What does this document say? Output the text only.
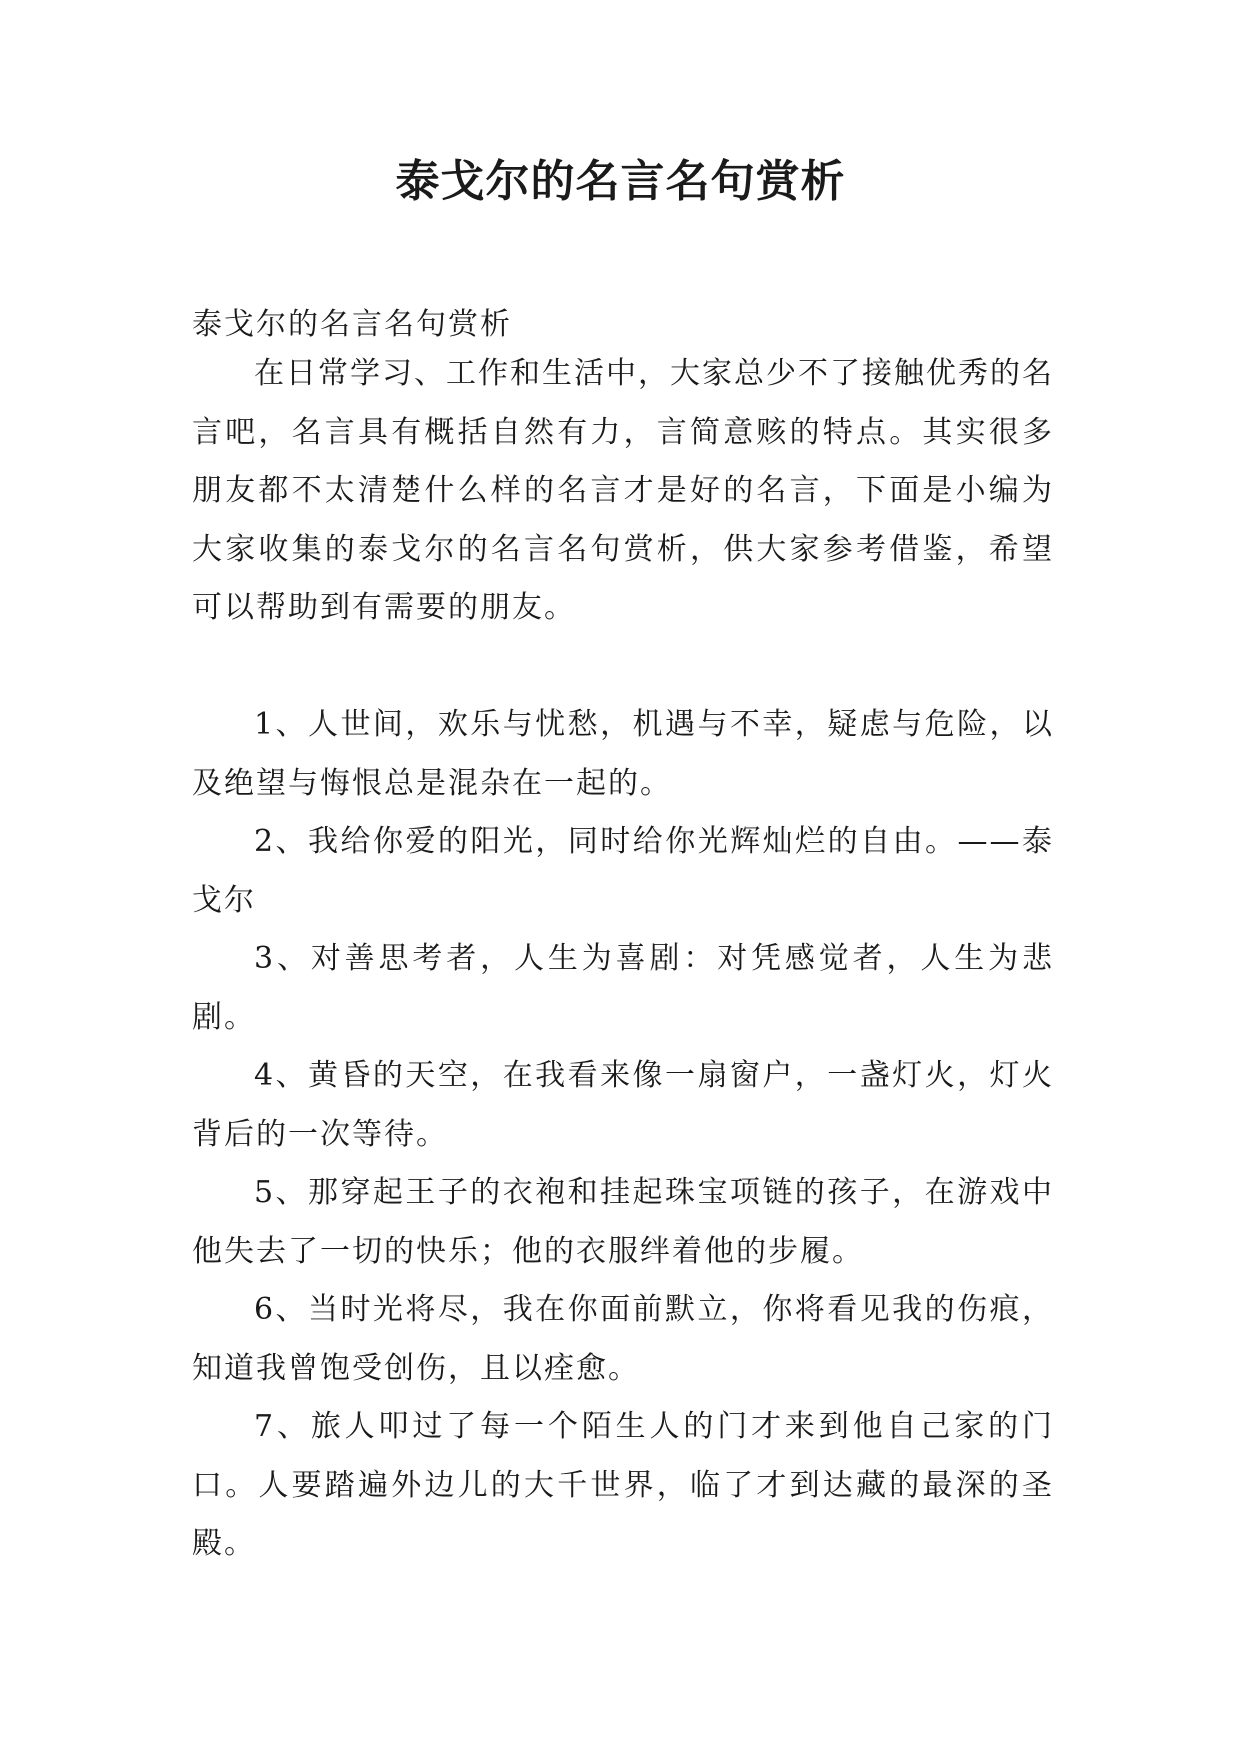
泰戈尔的名言名句赏析

泰戈尔的名言名句赏析

在日常学习、工作和生活中，大家总少不了接触优秀的名言吧，名言具有概括自然有力，言简意赅的特点。其实很多朋友都不太清楚什么样的名言才是好的名言，下面是小编为大家收集的泰戈尔的名言名句赏析，供大家参考借鉴，希望可以帮助到有需要的朋友。

1、人世间，欢乐与忧愁，机遇与不幸，疑虑与危险，以及绝望与悔恨总是混杂在一起的。

2、我给你爱的阳光，同时给你光辉灿烂的自由。——泰戈尔

3、对善思考者，人生为喜剧：对凭感觉者，人生为悲剧。

4、黄昏的天空，在我看来像一扇窗户，一盏灯火，灯火背后的一次等待。

5、那穿起王子的衣袍和挂起珠宝项链的孩子，在游戏中他失去了一切的快乐；他的衣服绊着他的步履。

6、当时光将尽，我在你面前默立，你将看见我的伤痕，知道我曾饱受创伤，且以痊愈。

7、旅人叩过了每一个陌生人的门才来到他自己家的门口。人要踏遍外边儿的大千世界，临了才到达藏的最深的圣殿。
